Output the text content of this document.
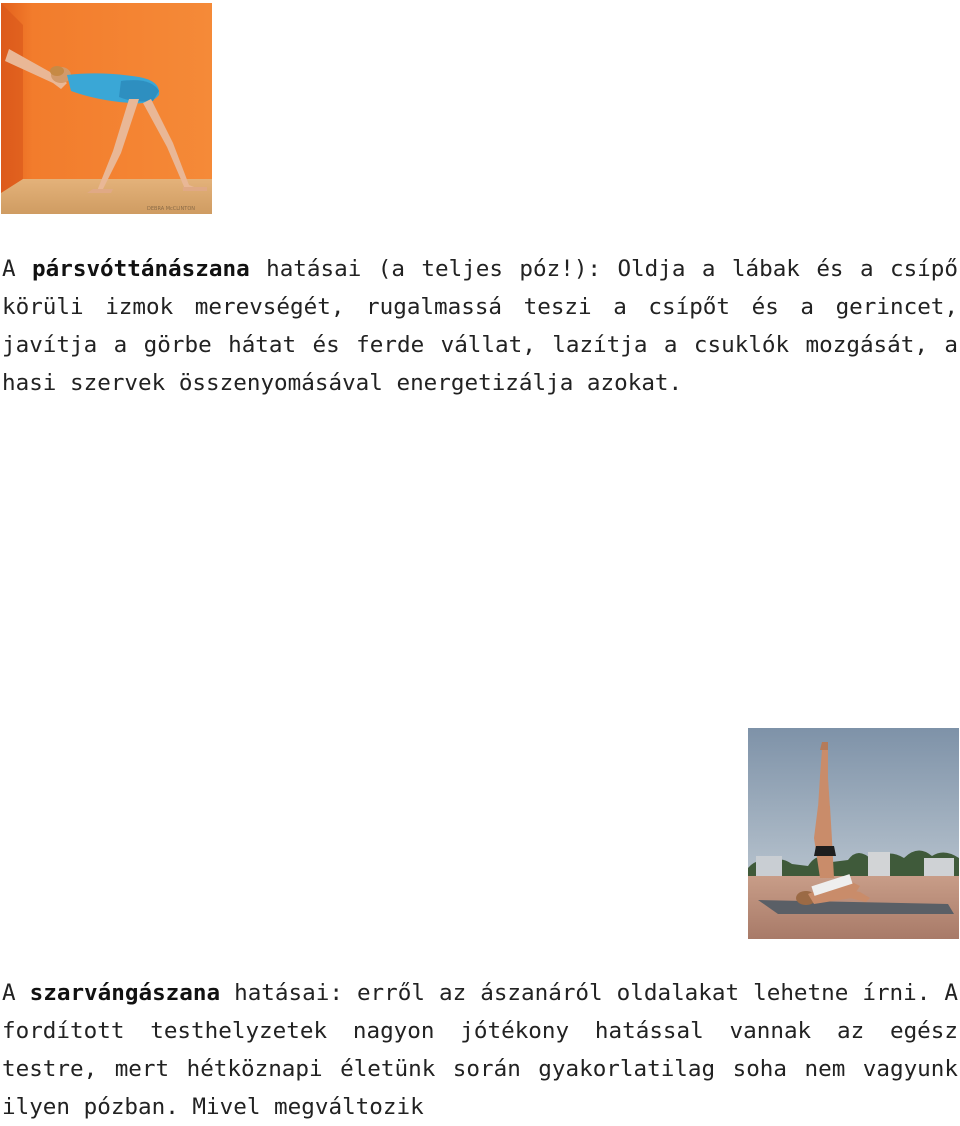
DEBRA McCLINTON

A pársvóttánászana hatásai (a teljes póz!): Oldja a lábak és a csípő körüli izmok merevségét, rugalmassá teszi a csípőt és a gerincet, javítja a görbe hátat és ferde vállat, lazítja a csuklók mozgását, a hasi szervek összenyomásával energetizálja azokat.

A szarvángászana hatásai: erről az ászanáról oldalakat lehetne írni. A fordított testhelyzetek nagyon jótékony hatással vannak az egész testre, mert hétköznapi életünk során gyakorlatilag soha nem vagyunk ilyen pózban. Mivel megváltozik
